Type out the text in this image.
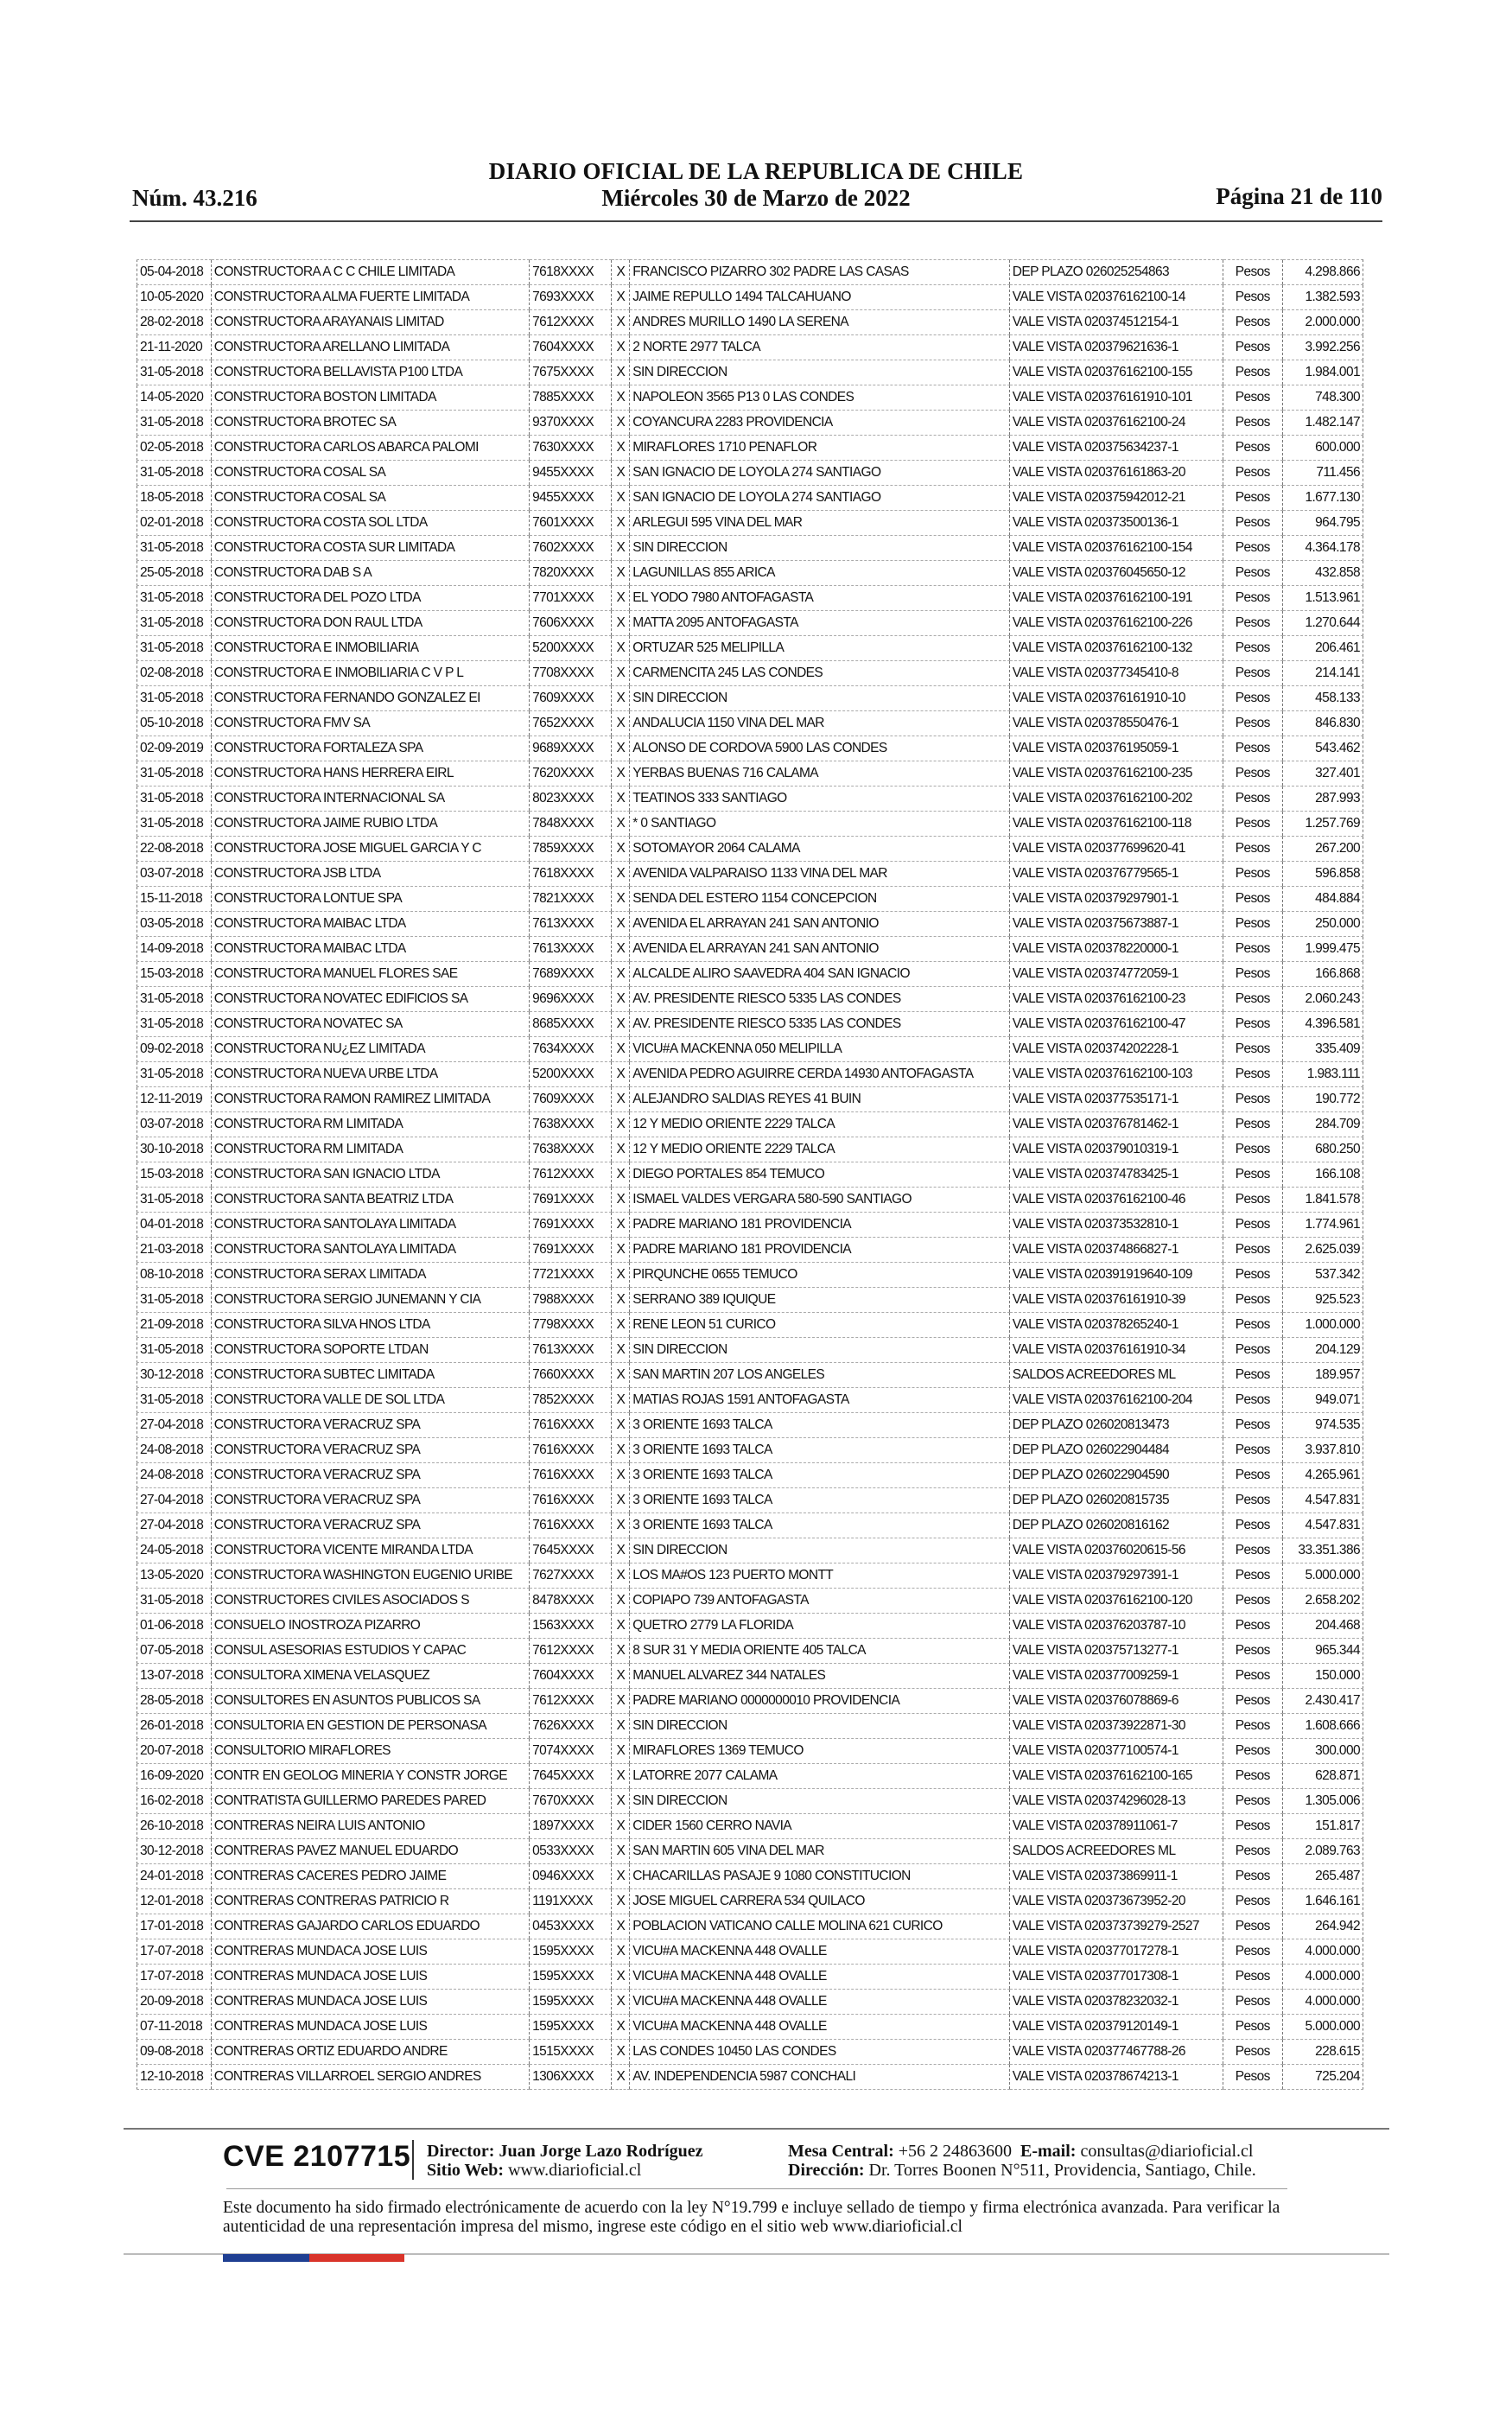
DIARIO OFICIAL DE LA REPUBLICA DE CHILE
Núm. 43.216	Miércoles 30 de Marzo de 2022	Página 21 de 110
05-04-2018	CONSTRUCTORA A C C CHILE LIMITADA	7618XXXX	X	FRANCISCO PIZARRO 302 PADRE LAS CASAS	DEP PLAZO 026025254863	Pesos	4.298.866
10-05-2020	CONSTRUCTORA ALMA FUERTE LIMITADA	7693XXXX	X	JAIME REPULLO 1494 TALCAHUANO	VALE VISTA 020376162100-14	Pesos	1.382.593
28-02-2018	CONSTRUCTORA ARAYANAIS LIMITAD	7612XXXX	X	ANDRES MURILLO 1490 LA SERENA	VALE VISTA 020374512154-1	Pesos	2.000.000
21-11-2020	CONSTRUCTORA ARELLANO LIMITADA	7604XXXX	X	2 NORTE 2977 TALCA	VALE VISTA 020379621636-1	Pesos	3.992.256
31-05-2018	CONSTRUCTORA BELLAVISTA P100 LTDA	7675XXXX	X	SIN DIRECCION	VALE VISTA 020376162100-155	Pesos	1.984.001
14-05-2020	CONSTRUCTORA BOSTON LIMITADA	7885XXXX	X	NAPOLEON 3565 P13 0 LAS CONDES	VALE VISTA 020376161910-101	Pesos	748.300
31-05-2018	CONSTRUCTORA BROTEC SA	9370XXXX	X	COYANCURA 2283 PROVIDENCIA	VALE VISTA 020376162100-24	Pesos	1.482.147
02-05-2018	CONSTRUCTORA CARLOS ABARCA PALOMI	7630XXXX	X	MIRAFLORES 1710 PENAFLOR	VALE VISTA 020375634237-1	Pesos	600.000
31-05-2018	CONSTRUCTORA COSAL SA	9455XXXX	X	SAN IGNACIO DE LOYOLA 274 SANTIAGO	VALE VISTA 020376161863-20	Pesos	711.456
18-05-2018	CONSTRUCTORA COSAL SA	9455XXXX	X	SAN IGNACIO DE LOYOLA 274 SANTIAGO	VALE VISTA 020375942012-21	Pesos	1.677.130
02-01-2018	CONSTRUCTORA COSTA SOL LTDA	7601XXXX	X	ARLEGUI 595 VINA DEL MAR	VALE VISTA 020373500136-1	Pesos	964.795
31-05-2018	CONSTRUCTORA COSTA SUR LIMITADA	7602XXXX	X	SIN DIRECCION	VALE VISTA 020376162100-154	Pesos	4.364.178
25-05-2018	CONSTRUCTORA DAB S A	7820XXXX	X	LAGUNILLAS 855 ARICA	VALE VISTA 020376045650-12	Pesos	432.858
31-05-2018	CONSTRUCTORA DEL POZO LTDA	7701XXXX	X	EL YODO 7980 ANTOFAGASTA	VALE VISTA 020376162100-191	Pesos	1.513.961
31-05-2018	CONSTRUCTORA DON RAUL LTDA	7606XXXX	X	MATTA 2095 ANTOFAGASTA	VALE VISTA 020376162100-226	Pesos	1.270.644
31-05-2018	CONSTRUCTORA E INMOBILIARIA	5200XXXX	X	ORTUZAR 525 MELIPILLA	VALE VISTA 020376162100-132	Pesos	206.461
02-08-2018	CONSTRUCTORA E INMOBILIARIA C V P L	7708XXXX	X	CARMENCITA 245 LAS CONDES	VALE VISTA 020377345410-8	Pesos	214.141
31-05-2018	CONSTRUCTORA FERNANDO GONZALEZ EI	7609XXXX	X	SIN DIRECCION	VALE VISTA 020376161910-10	Pesos	458.133
05-10-2018	CONSTRUCTORA FMV SA	7652XXXX	X	ANDALUCIA 1150 VINA DEL MAR	VALE VISTA 020378550476-1	Pesos	846.830
02-09-2019	CONSTRUCTORA FORTALEZA SPA	9689XXXX	X	ALONSO DE CORDOVA 5900 LAS CONDES	VALE VISTA 020376195059-1	Pesos	543.462
31-05-2018	CONSTRUCTORA HANS HERRERA EIRL	7620XXXX	X	YERBAS BUENAS 716 CALAMA	VALE VISTA 020376162100-235	Pesos	327.401
31-05-2018	CONSTRUCTORA INTERNACIONAL SA	8023XXXX	X	TEATINOS 333 SANTIAGO	VALE VISTA 020376162100-202	Pesos	287.993
31-05-2018	CONSTRUCTORA JAIME RUBIO LTDA	7848XXXX	X	* 0 SANTIAGO	VALE VISTA 020376162100-118	Pesos	1.257.769
22-08-2018	CONSTRUCTORA JOSE MIGUEL GARCIA Y C	7859XXXX	X	SOTOMAYOR 2064 CALAMA	VALE VISTA 020377699620-41	Pesos	267.200
03-07-2018	CONSTRUCTORA JSB LTDA	7618XXXX	X	AVENIDA VALPARAISO 1133 VINA DEL MAR	VALE VISTA 020376779565-1	Pesos	596.858
15-11-2018	CONSTRUCTORA LONTUE SPA	7821XXXX	X	SENDA DEL ESTERO 1154 CONCEPCION	VALE VISTA 020379297901-1	Pesos	484.884
03-05-2018	CONSTRUCTORA MAIBAC LTDA	7613XXXX	X	AVENIDA EL ARRAYAN 241 SAN ANTONIO	VALE VISTA 020375673887-1	Pesos	250.000
14-09-2018	CONSTRUCTORA MAIBAC LTDA	7613XXXX	X	AVENIDA EL ARRAYAN 241 SAN ANTONIO	VALE VISTA 020378220000-1	Pesos	1.999.475
15-03-2018	CONSTRUCTORA MANUEL FLORES SAE	7689XXXX	X	ALCALDE ALIRO SAAVEDRA 404 SAN IGNACIO	VALE VISTA 020374772059-1	Pesos	166.868
31-05-2018	CONSTRUCTORA NOVATEC EDIFICIOS SA	9696XXXX	X	AV. PRESIDENTE RIESCO 5335 LAS CONDES	VALE VISTA 020376162100-23	Pesos	2.060.243
31-05-2018	CONSTRUCTORA NOVATEC SA	8685XXXX	X	AV. PRESIDENTE RIESCO 5335 LAS CONDES	VALE VISTA 020376162100-47	Pesos	4.396.581
09-02-2018	CONSTRUCTORA NU¿EZ LIMITADA	7634XXXX	X	VICU#A MACKENNA 050 MELIPILLA	VALE VISTA 020374202228-1	Pesos	335.409
31-05-2018	CONSTRUCTORA NUEVA URBE LTDA	5200XXXX	X	AVENIDA PEDRO AGUIRRE CERDA 14930 ANTOFAGASTA	VALE VISTA 020376162100-103	Pesos	1.983.111
12-11-2019	CONSTRUCTORA RAMON RAMIREZ LIMITADA	7609XXXX	X	ALEJANDRO SALDIAS REYES 41 BUIN	VALE VISTA 020377535171-1	Pesos	190.772
03-07-2018	CONSTRUCTORA RM LIMITADA	7638XXXX	X	12 Y MEDIO ORIENTE 2229 TALCA	VALE VISTA 020376781462-1	Pesos	284.709
30-10-2018	CONSTRUCTORA RM LIMITADA	7638XXXX	X	12 Y MEDIO ORIENTE 2229 TALCA	VALE VISTA 020379010319-1	Pesos	680.250
15-03-2018	CONSTRUCTORA SAN IGNACIO LTDA	7612XXXX	X	DIEGO PORTALES 854 TEMUCO	VALE VISTA 020374783425-1	Pesos	166.108
31-05-2018	CONSTRUCTORA SANTA BEATRIZ LTDA	7691XXXX	X	ISMAEL VALDES VERGARA 580-590 SANTIAGO	VALE VISTA 020376162100-46	Pesos	1.841.578
04-01-2018	CONSTRUCTORA SANTOLAYA LIMITADA	7691XXXX	X	PADRE MARIANO 181 PROVIDENCIA	VALE VISTA 020373532810-1	Pesos	1.774.961
21-03-2018	CONSTRUCTORA SANTOLAYA LIMITADA	7691XXXX	X	PADRE MARIANO 181 PROVIDENCIA	VALE VISTA 020374866827-1	Pesos	2.625.039
08-10-2018	CONSTRUCTORA SERAX LIMITADA	7721XXXX	X	PIRQUNCHE 0655 TEMUCO	VALE VISTA 020391919640-109	Pesos	537.342
31-05-2018	CONSTRUCTORA SERGIO JUNEMANN Y CIA	7988XXXX	X	SERRANO 389 IQUIQUE	VALE VISTA 020376161910-39	Pesos	925.523
21-09-2018	CONSTRUCTORA SILVA HNOS LTDA	7798XXXX	X	RENE LEON 51 CURICO	VALE VISTA 020378265240-1	Pesos	1.000.000
31-05-2018	CONSTRUCTORA SOPORTE LTDAN	7613XXXX	X	SIN DIRECCION	VALE VISTA 020376161910-34	Pesos	204.129
30-12-2018	CONSTRUCTORA SUBTEC LIMITADA	7660XXXX	X	SAN MARTIN 207 LOS ANGELES	SALDOS ACREEDORES ML	Pesos	189.957
31-05-2018	CONSTRUCTORA VALLE DE SOL LTDA	7852XXXX	X	MATIAS ROJAS 1591 ANTOFAGASTA	VALE VISTA 020376162100-204	Pesos	949.071
27-04-2018	CONSTRUCTORA VERACRUZ SPA	7616XXXX	X	3 ORIENTE 1693 TALCA	DEP PLAZO 026020813473	Pesos	974.535
24-08-2018	CONSTRUCTORA VERACRUZ SPA	7616XXXX	X	3 ORIENTE 1693 TALCA	DEP PLAZO 026022904484	Pesos	3.937.810
24-08-2018	CONSTRUCTORA VERACRUZ SPA	7616XXXX	X	3 ORIENTE 1693 TALCA	DEP PLAZO 026022904590	Pesos	4.265.961
27-04-2018	CONSTRUCTORA VERACRUZ SPA	7616XXXX	X	3 ORIENTE 1693 TALCA	DEP PLAZO 026020815735	Pesos	4.547.831
27-04-2018	CONSTRUCTORA VERACRUZ SPA	7616XXXX	X	3 ORIENTE 1693 TALCA	DEP PLAZO 026020816162	Pesos	4.547.831
24-05-2018	CONSTRUCTORA VICENTE MIRANDA LTDA	7645XXXX	X	SIN DIRECCION	VALE VISTA 020376020615-56	Pesos	33.351.386
13-05-2020	CONSTRUCTORA WASHINGTON EUGENIO URIBE	7627XXXX	X	LOS MA#OS 123 PUERTO MONTT	VALE VISTA 020379297391-1	Pesos	5.000.000
31-05-2018	CONSTRUCTORES CIVILES ASOCIADOS S	8478XXXX	X	COPIAPO 739 ANTOFAGASTA	VALE VISTA 020376162100-120	Pesos	2.658.202
01-06-2018	CONSUELO INOSTROZA PIZARRO	1563XXXX	X	QUETRO 2779 LA FLORIDA	VALE VISTA 020376203787-10	Pesos	204.468
07-05-2018	CONSUL ASESORIAS ESTUDIOS Y CAPAC	7612XXXX	X	8 SUR 31 Y MEDIA ORIENTE 405 TALCA	VALE VISTA 020375713277-1	Pesos	965.344
13-07-2018	CONSULTORA XIMENA VELASQUEZ	7604XXXX	X	MANUEL ALVAREZ 344 NATALES	VALE VISTA 020377009259-1	Pesos	150.000
28-05-2018	CONSULTORES EN ASUNTOS PUBLICOS SA	7612XXXX	X	PADRE MARIANO 0000000010 PROVIDENCIA	VALE VISTA 020376078869-6	Pesos	2.430.417
26-01-2018	CONSULTORIA EN GESTION DE PERSONASA	7626XXXX	X	SIN DIRECCION	VALE VISTA 020373922871-30	Pesos	1.608.666
20-07-2018	CONSULTORIO MIRAFLORES	7074XXXX	X	MIRAFLORES 1369 TEMUCO	VALE VISTA 020377100574-1	Pesos	300.000
16-09-2020	CONTR EN GEOLOG MINERIA Y CONSTR JORGE	7645XXXX	X	LATORRE 2077 CALAMA	VALE VISTA 020376162100-165	Pesos	628.871
16-02-2018	CONTRATISTA GUILLERMO PAREDES PARED	7670XXXX	X	SIN DIRECCION	VALE VISTA 020374296028-13	Pesos	1.305.006
26-10-2018	CONTRERAS NEIRA LUIS ANTONIO	1897XXXX	X	CIDER 1560 CERRO NAVIA	VALE VISTA 020378911061-7	Pesos	151.817
30-12-2018	CONTRERAS PAVEZ MANUEL EDUARDO	0533XXXX	X	SAN MARTIN 605 VINA DEL MAR	SALDOS ACREEDORES ML	Pesos	2.089.763
24-01-2018	CONTRERAS CACERES PEDRO JAIME	0946XXXX	X	CHACARILLAS PASAJE 9 1080 CONSTITUCION	VALE VISTA 020373869911-1	Pesos	265.487
12-01-2018	CONTRERAS CONTRERAS PATRICIO R	1191XXXX	X	JOSE MIGUEL CARRERA 534 QUILACO	VALE VISTA 020373673952-20	Pesos	1.646.161
17-01-2018	CONTRERAS GAJARDO CARLOS EDUARDO	0453XXXX	X	POBLACION VATICANO CALLE MOLINA 621 CURICO	VALE VISTA 020373739279-2527	Pesos	264.942
17-07-2018	CONTRERAS MUNDACA JOSE LUIS	1595XXXX	X	VICU#A MACKENNA 448 OVALLE	VALE VISTA 020377017278-1	Pesos	4.000.000
17-07-2018	CONTRERAS MUNDACA JOSE LUIS	1595XXXX	X	VICU#A MACKENNA 448 OVALLE	VALE VISTA 020377017308-1	Pesos	4.000.000
20-09-2018	CONTRERAS MUNDACA JOSE LUIS	1595XXXX	X	VICU#A MACKENNA 448 OVALLE	VALE VISTA 020378232032-1	Pesos	4.000.000
07-11-2018	CONTRERAS MUNDACA JOSE LUIS	1595XXXX	X	VICU#A MACKENNA 448 OVALLE	VALE VISTA 020379120149-1	Pesos	5.000.000
09-08-2018	CONTRERAS ORTIZ EDUARDO ANDRE	1515XXXX	X	LAS CONDES 10450 LAS CONDES	VALE VISTA 020377467788-26	Pesos	228.615
12-10-2018	CONTRERAS VILLARROEL SERGIO ANDRES	1306XXXX	X	AV. INDEPENDENCIA 5987 CONCHALI	VALE VISTA 020378674213-1	Pesos	725.204
CVE 2107715 Director: Juan Jorge Lazo Rodríguez
Sitio Web: www.diarioficial.cl
Mesa Central: +56 2 24863600 E-mail: consultas@diarioficial.cl
Dirección: Dr. Torres Boonen N°511, Providencia, Santiago, Chile.
Este documento ha sido firmado electrónicamente de acuerdo con la ley N°19.799 e incluye sellado de tiempo y firma electrónica avanzada. Para verificar la autenticidad de una representación impresa del mismo, ingrese este código en el sitio web www.diarioficial.cl
